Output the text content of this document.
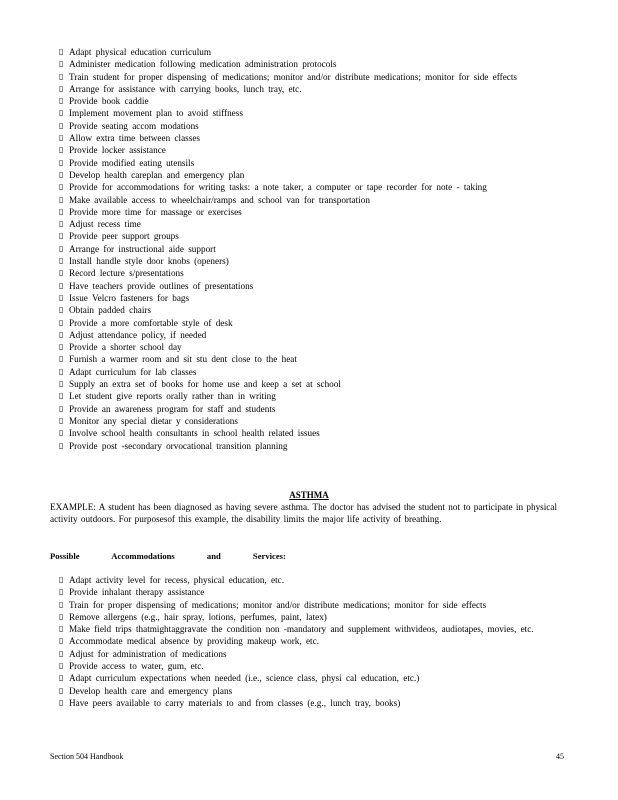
▯ Adapt physical education curriculum
▯ Administer medication following medication administration protocols
▯ Train student for proper dispensing of medications; monitor and/or distribute medications; monitor for side effects
▯ Arrange for assistance with carrying books, lunch tray, etc.
▯ Provide book caddie
▯ Implement movement plan to avoid stiffness
▯ Provide seating accom modations
▯ Allow extra time between classes
▯ Provide locker assistance
▯ Provide modified eating utensils
▯ Develop health careplan and emergency plan
▯ Provide for accommodations for writing tasks: a note taker, a computer or tape recorder for note - taking
▯ Make available access to wheelchair/ramps and school van for transportation
▯ Provide more time for massage or exercises
▯ Adjust recess time
▯ Provide peer support groups
▯ Arrange for instructional aide support
▯ Install handle style door knobs (openers)
▯ Record lecture s/presentations
▯ Have teachers provide outlines of presentations
▯ Issue Velcro fasteners for bags
▯ Obtain padded chairs
▯ Provide a more comfortable style of desk
▯ Adjust attendance policy, if needed
▯ Provide a shorter school day
▯ Furnish a warmer room and sit stu dent close to the heat
▯ Adapt curriculum for lab classes
▯ Supply an extra set of books for home use and keep a set at school
▯ Let student give reports orally rather than in writing
▯ Provide an awareness program for staff and students
▯ Monitor any special dietar y considerations
▯ Involve school health consultants in school health related issues
▯ Provide post -secondary orvocational transition planning
ASTHMA

EXAMPLE: A student has been diagnosed as having severe asthma. The doctor has advised the student not to participate in physical activity outdoors. For purposesof this example, the disability limits the major life activity of breathing.

Possible Accommodations and Services:

▯ Adapt activity level for recess, physical education, etc.
▯ Provide inhalant therapy assistance
▯ Train for proper dispensing of medications; monitor and/or distribute medications; monitor for side effects
▯ Remove allergens (e.g., hair spray, lotions, perfumes, paint, latex)
▯ Make field trips thatmightaggravate the condition non -mandatory and supplement withvideos, audiotapes, movies, etc.
▯ Accommodate medical absence by providing makeup work, etc.
▯ Adjust for administration of medications
▯ Provide access to water, gum, etc.
▯ Adapt curriculum expectations when needed (i.e., science class, physi cal education, etc.)
▯ Develop health care and emergency plans
▯ Have peers available to carry materials to and from classes (e.g., lunch tray, books)
Section 504 Handbook	45
